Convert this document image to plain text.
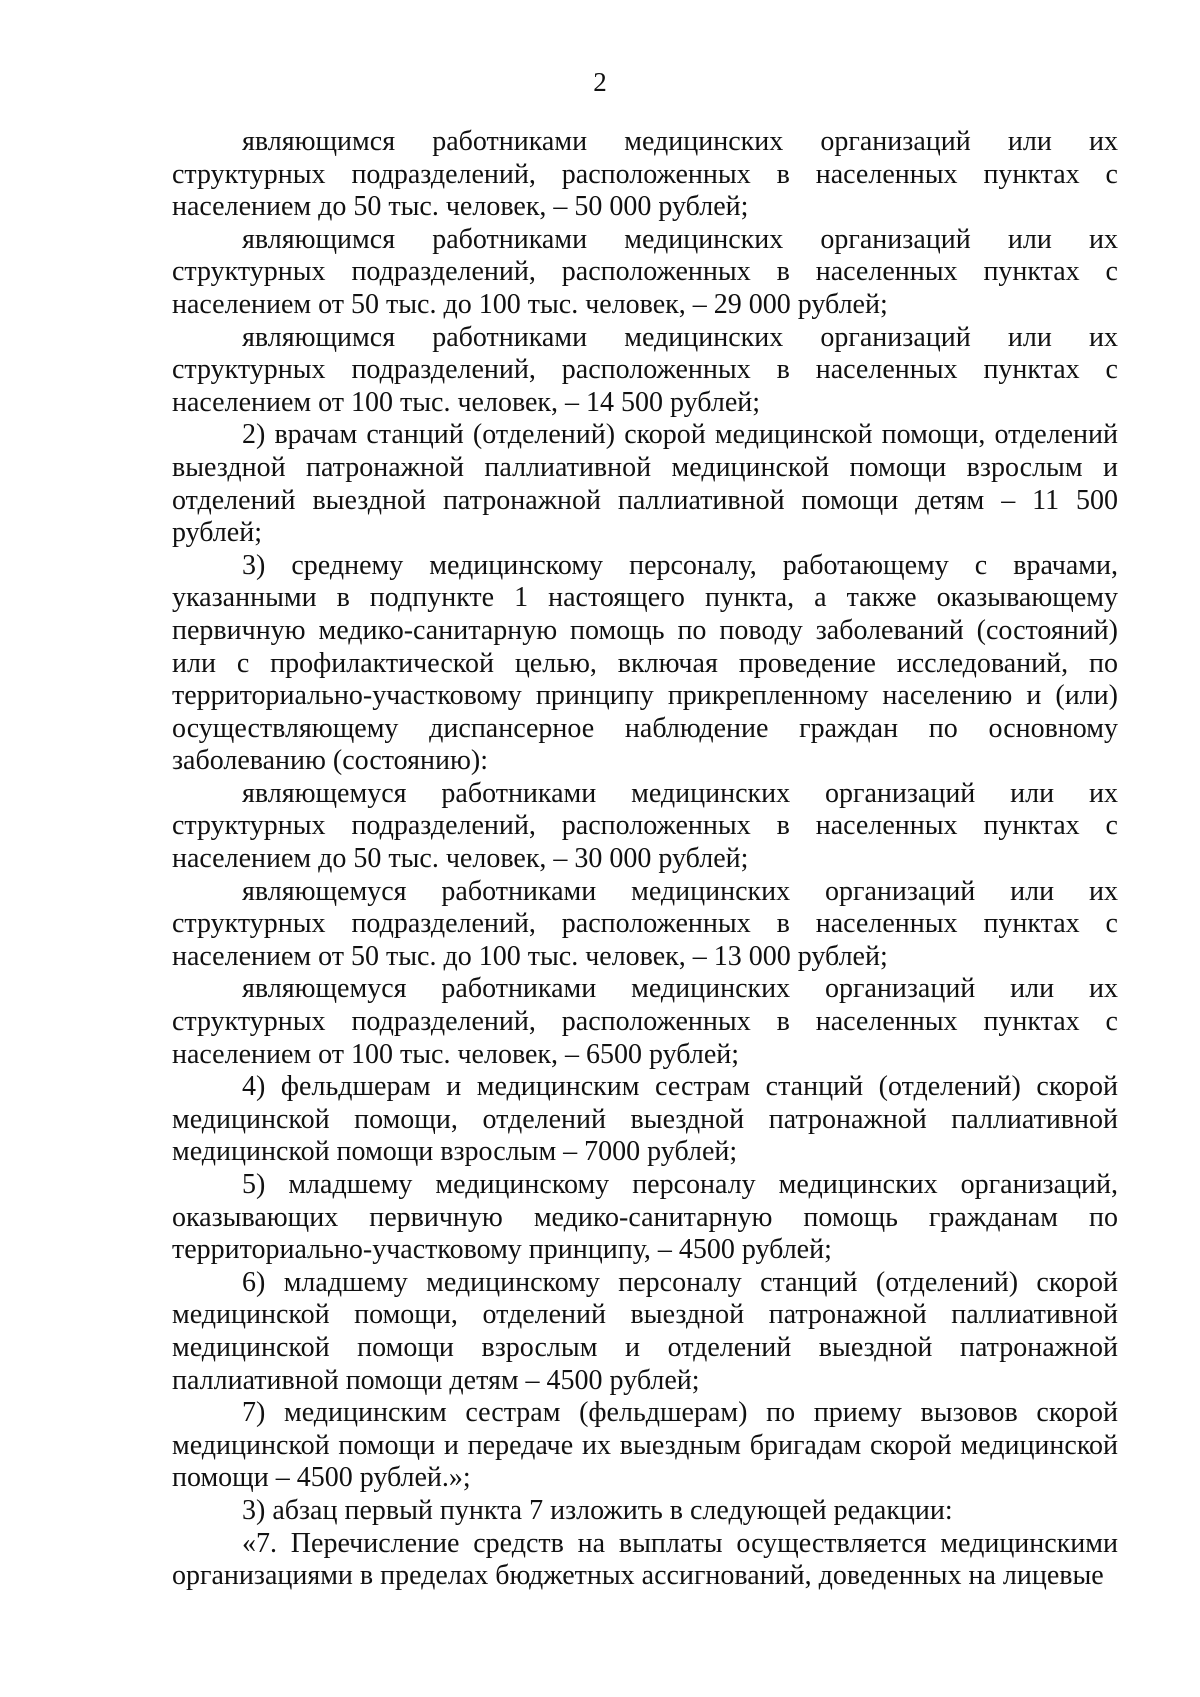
2

являющимся работниками медицинских организаций или их структурных подразделений, расположенных в населенных пунктах с населением до 50 тыс. человек, – 50 000 рублей;

являющимся работниками медицинских организаций или их структурных подразделений, расположенных в населенных пунктах с населением от 50 тыс. до 100 тыс. человек, – 29 000 рублей;

являющимся работниками медицинских организаций или их структурных подразделений, расположенных в населенных пунктах с населением от 100 тыс. человек, – 14 500 рублей;

2) врачам станций (отделений) скорой медицинской помощи, отделений выездной патронажной паллиативной медицинской помощи взрослым и отделений выездной патронажной паллиативной помощи детям – 11 500 рублей;

3) среднему медицинскому персоналу, работающему с врачами, указанными в подпункте 1 настоящего пункта, а также оказывающему первичную медико-санитарную помощь по поводу заболеваний (состояний) или с профилактической целью, включая проведение исследований, по территориально-участковому принципу прикрепленному населению и (или) осуществляющему диспансерное наблюдение граждан по основному заболеванию (состоянию):

являющемуся работниками медицинских организаций или их структурных подразделений, расположенных в населенных пунктах с населением до 50 тыс. человек, – 30 000 рублей;

являющемуся работниками медицинских организаций или их структурных подразделений, расположенных в населенных пунктах с населением от 50 тыс. до 100 тыс. человек, – 13 000 рублей;

являющемуся работниками медицинских организаций или их структурных подразделений, расположенных в населенных пунктах с населением от 100 тыс. человек, – 6500 рублей;

4) фельдшерам и медицинским сестрам станций (отделений) скорой медицинской помощи, отделений выездной патронажной паллиативной медицинской помощи взрослым – 7000 рублей;

5) младшему медицинскому персоналу медицинских организаций, оказывающих первичную медико-санитарную помощь гражданам по территориально-участковому принципу, – 4500 рублей;

6) младшему медицинскому персоналу станций (отделений) скорой медицинской помощи, отделений выездной патронажной паллиативной медицинской помощи взрослым и отделений выездной патронажной паллиативной помощи детям – 4500 рублей;

7) медицинским сестрам (фельдшерам) по приему вызовов скорой медицинской помощи и передаче их выездным бригадам скорой медицинской помощи – 4500 рублей.»;

3) абзац первый пункта 7 изложить в следующей редакции:

«7. Перечисление средств на выплаты осуществляется медицинскими организациями в пределах бюджетных ассигнований, доведенных на лицевые
